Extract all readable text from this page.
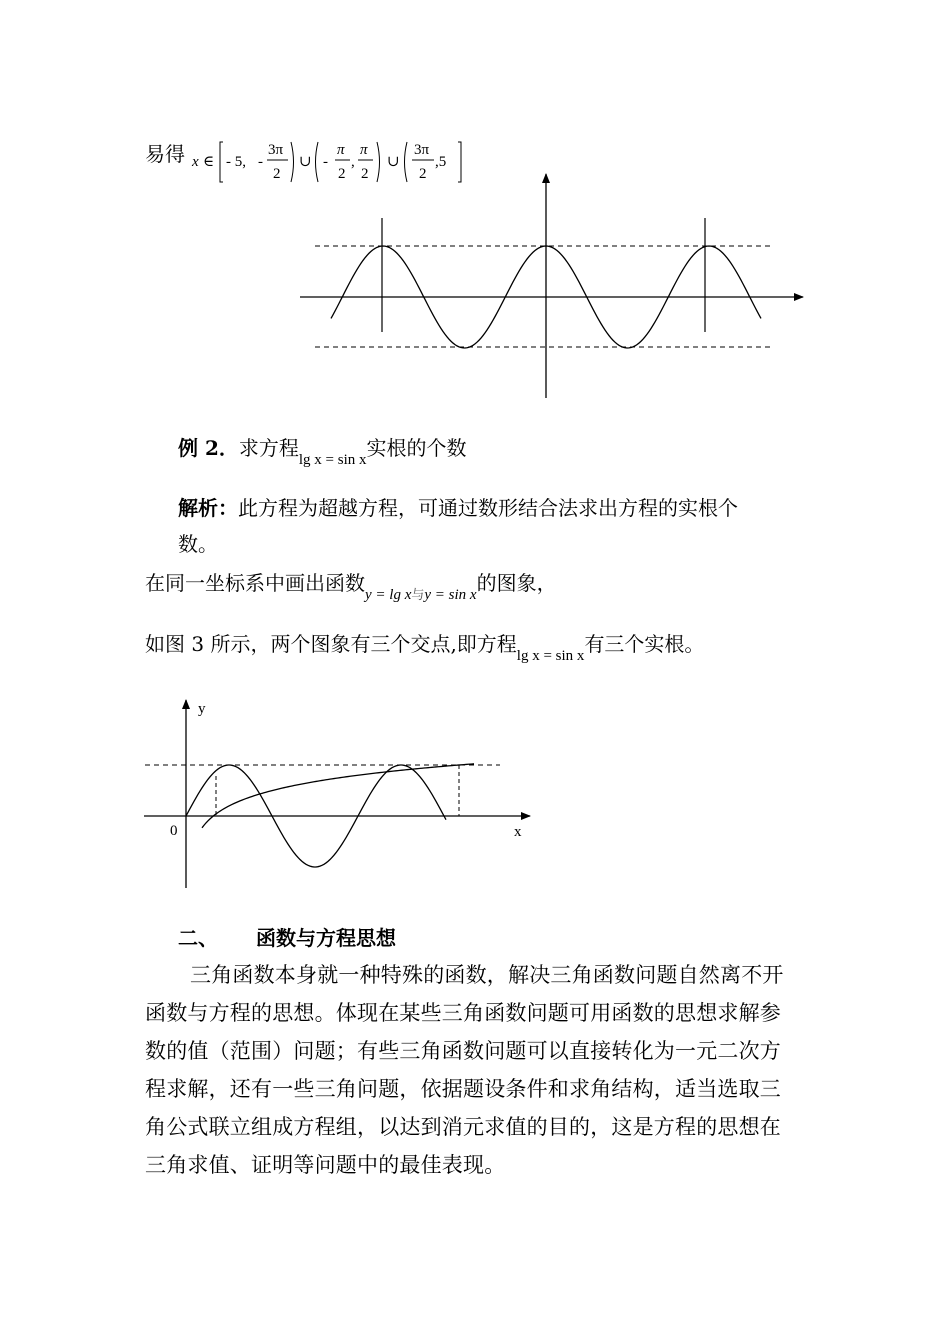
易得 x ∈ - 5, -
3π
2
∪ -
π
2
,
π
2
∪
3π
2
,5
例 2．求方程$_{lg x = sin x}$实根的个数
解析：此方程为超越方程，可通过数形结合法求出方程的实根个
数。
在同一坐标系中画出函数$_{y = lg x与y = sin x}$的图象，
如图 3 所示，两个图象有三个交点,即方程$_{lg x = sin x}$有三个实根。
y
0	x
二、 函数与方程思想
三角函数本身就一种特殊的函数，解决三角函数问题自然离不开
函数与方程的思想。体现在某些三角函数问题可用函数的思想求解参
数的值（范围）问题；有些三角函数问题可以直接转化为一元二次方
程求解，还有一些三角问题，依据题设条件和求角结构，适当选取三
角公式联立组成方程组，以达到消元求值的目的，这是方程的思想在
三角求值、证明等问题中的最佳表现。
